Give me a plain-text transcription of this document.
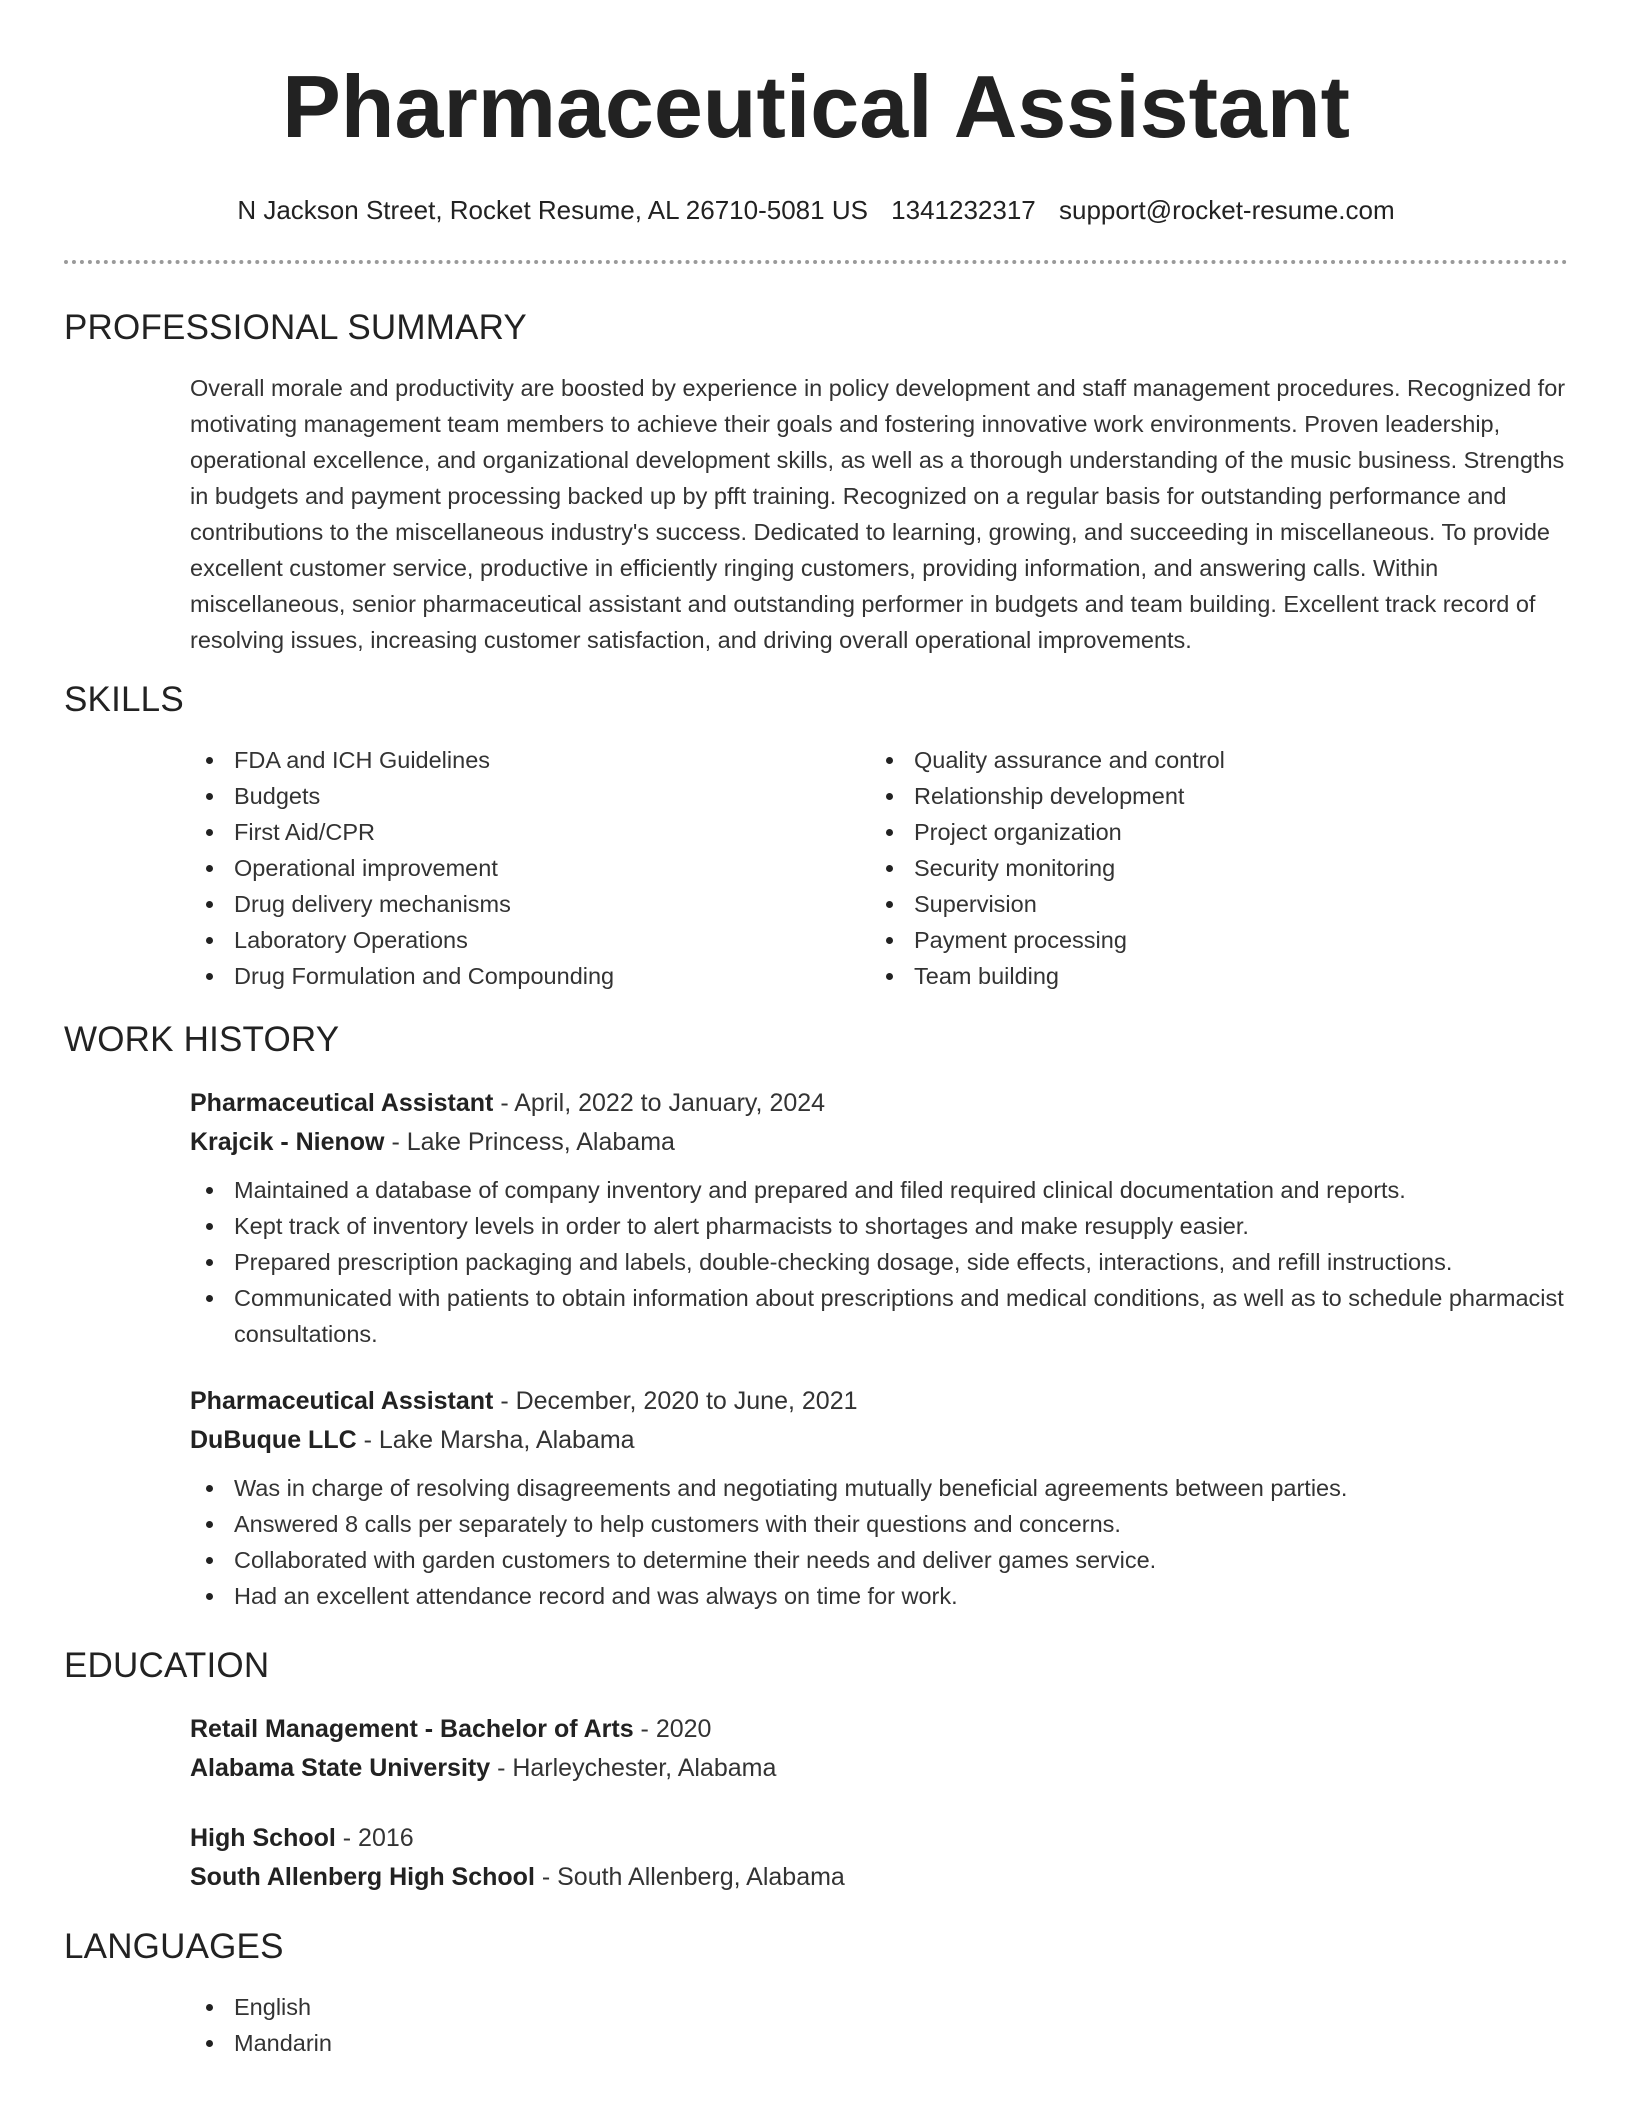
Pharmaceutical Assistant
N Jackson Street, Rocket Resume, AL 26710-5081 US 1341232317 support@rocket-resume.com
PROFESSIONAL SUMMARY
Overall morale and productivity are boosted by experience in policy development and staff management procedures. Recognized for motivating management team members to achieve their goals and fostering innovative work environments. Proven leadership, operational excellence, and organizational development skills, as well as a thorough understanding of the music business. Strengths in budgets and payment processing backed up by pfft training. Recognized on a regular basis for outstanding performance and contributions to the miscellaneous industry's success. Dedicated to learning, growing, and succeeding in miscellaneous. To provide excellent customer service, productive in efficiently ringing customers, providing information, and answering calls. Within miscellaneous, senior pharmaceutical assistant and outstanding performer in budgets and team building. Excellent track record of resolving issues, increasing customer satisfaction, and driving overall operational improvements.
SKILLS
FDA and ICH Guidelines
Budgets
First Aid/CPR
Operational improvement
Drug delivery mechanisms
Laboratory Operations
Drug Formulation and Compounding
Quality assurance and control
Relationship development
Project organization
Security monitoring
Supervision
Payment processing
Team building
WORK HISTORY
Pharmaceutical Assistant - April, 2022 to January, 2024
Krajcik - Nienow - Lake Princess, Alabama
Maintained a database of company inventory and prepared and filed required clinical documentation and reports.
Kept track of inventory levels in order to alert pharmacists to shortages and make resupply easier.
Prepared prescription packaging and labels, double-checking dosage, side effects, interactions, and refill instructions.
Communicated with patients to obtain information about prescriptions and medical conditions, as well as to schedule pharmacist consultations.
Pharmaceutical Assistant - December, 2020 to June, 2021
DuBuque LLC - Lake Marsha, Alabama
Was in charge of resolving disagreements and negotiating mutually beneficial agreements between parties.
Answered 8 calls per separately to help customers with their questions and concerns.
Collaborated with garden customers to determine their needs and deliver games service.
Had an excellent attendance record and was always on time for work.
EDUCATION
Retail Management - Bachelor of Arts - 2020
Alabama State University - Harleychester, Alabama
High School - 2016
South Allenberg High School - South Allenberg, Alabama
LANGUAGES
English
Mandarin
